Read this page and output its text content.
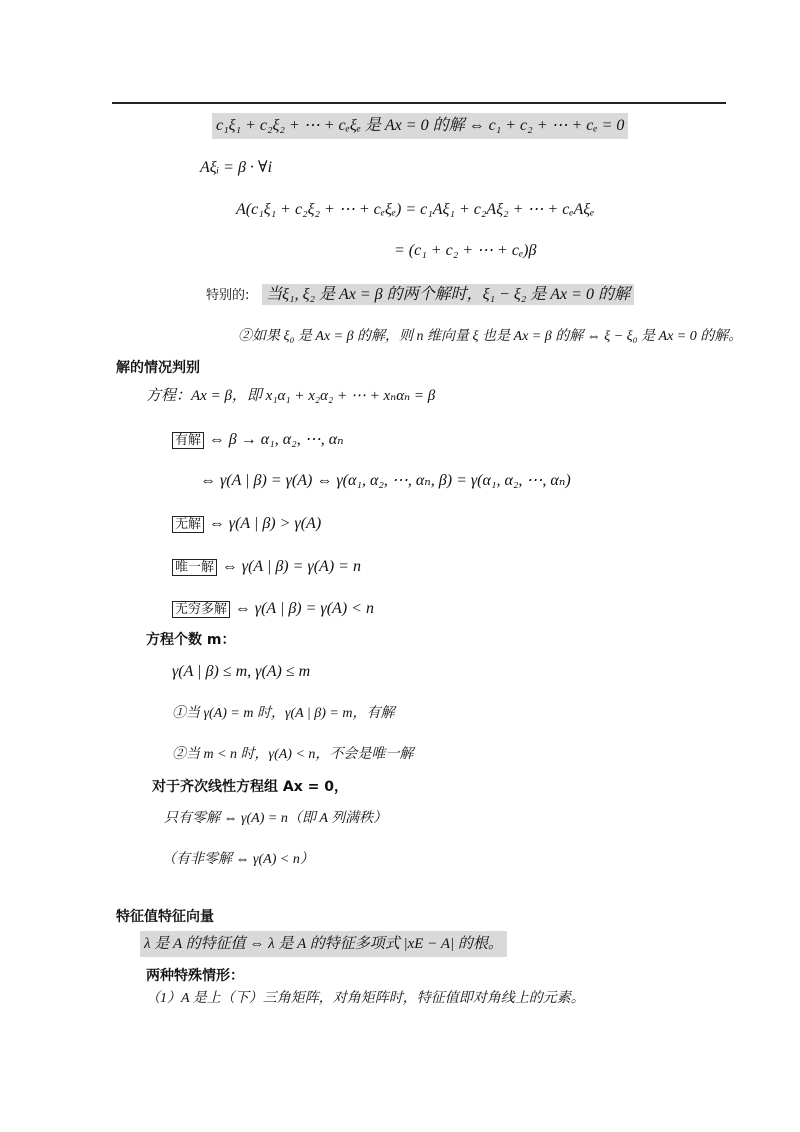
c₁ξ₁ + c₂ξ₂ + ⋯ + cₑξₑ 是 Ax = 0 的解 ⇔ c₁ + c₂ + ⋯ + cₑ = 0
Aξᵢ = β · ∀i
A(c₁ξ₁ + c₂ξ₂ + ⋯ + cₑξₑ) = c₁Aξ₁ + c₂Aξ₂ + ⋯ + cₑAξₑ
= (c₁ + c₂ + ⋯ + cₑ)β
特别的: 当ξ₁, ξ₂ 是 Ax = β 的两个解时，ξ₁ − ξ₂ 是 Ax = 0 的解
②如果 ξ₀ 是 Ax = β 的解，则 n 维向量 ξ 也是 Ax = β 的解 ⇔ ξ − ξ₀ 是 Ax = 0 的解。
解的情况判别
方程：Ax = β，即 x₁α₁ + x₂α₂ + ⋯ + xₙαₙ = β
有解 ⇔ β → α₁, α₂, ⋯, αₙ
⇔ γ(A | β) = γ(A) ⇔ γ(α₁, α₂, ⋯, αₙ, β) = γ(α₁, α₂, ⋯, αₙ)
无解 ⇔ γ(A | β) > γ(A)
唯一解 ⇔ γ(A | β) = γ(A) = n
无穷多解 ⇔ γ(A | β) = γ(A) < n
方程个数 m：
γ(A | β) ≤ m, γ(A) ≤ m
①当 γ(A) = m 时，γ(A | β) = m，有解
②当 m < n 时，γ(A) < n，不会是唯一解
对于齐次线性方程组 Ax = 0，
只有零解 ⇔ γ(A) = n（即 A 列满秩）
（有非零解 ⇔ γ(A) < n）
特征值特征向量
λ 是 A 的特征值 ⇔ λ 是 A 的特征多项式 |xE − A| 的根。
两种特殊情形：
（1）A 是上（下）三角矩阵，对角矩阵时，特征值即对角线上的元素。
